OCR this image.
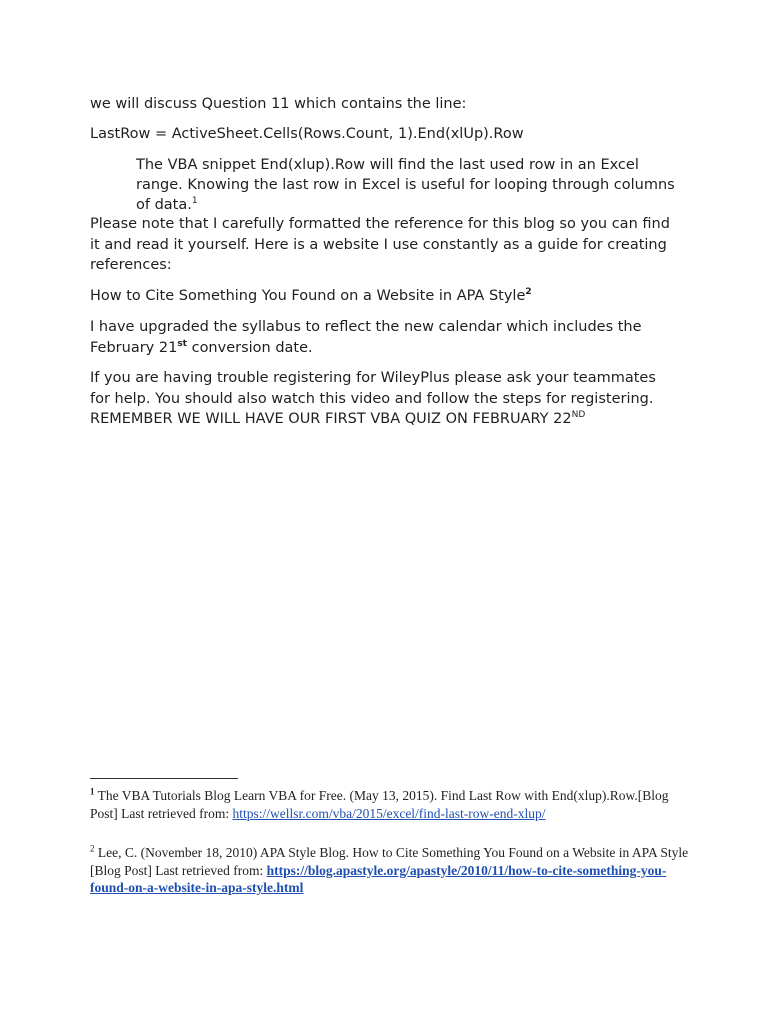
we will discuss Question 11 which contains the line:

LastRow = ActiveSheet.Cells(Rows.Count, 1).End(xlUp).Row

The VBA snippet End(xlup).Row will find the last used row in an Excel range. Knowing the last row in Excel is useful for looping through columns of data.$^1$

Please note that I carefully formatted the reference for this blog so you can find it and read it yourself. Here is a website I use constantly as a guide for creating references:

How to Cite Something You Found on a Website in APA Style$^2$

I have upgraded the syllabus to reflect the new calendar which includes the February 21st conversion date.

If you are having trouble registering for WileyPlus please ask your teammates for help. You should also watch this video and follow the steps for registering. REMEMBER WE WILL HAVE OUR FIRST VBA QUIZ ON FEBRUARY 22ND

$^1$ The VBA Tutorials Blog Learn VBA for Free. (May 13, 2015). Find Last Row with End(xlup).Row.[Blog Post] Last retrieved from: https://wellsr.com/vba/2015/excel/find-last-row-end-xlup/

$^2$ Lee, C. (November 18, 2010) APA Style Blog. How to Cite Something You Found on a Website in APA Style [Blog Post] Last retrieved from: https://blog.apastyle.org/apastyle/2010/11/how-to-cite-something-you-found-on-a-website-in-apa-style.html
